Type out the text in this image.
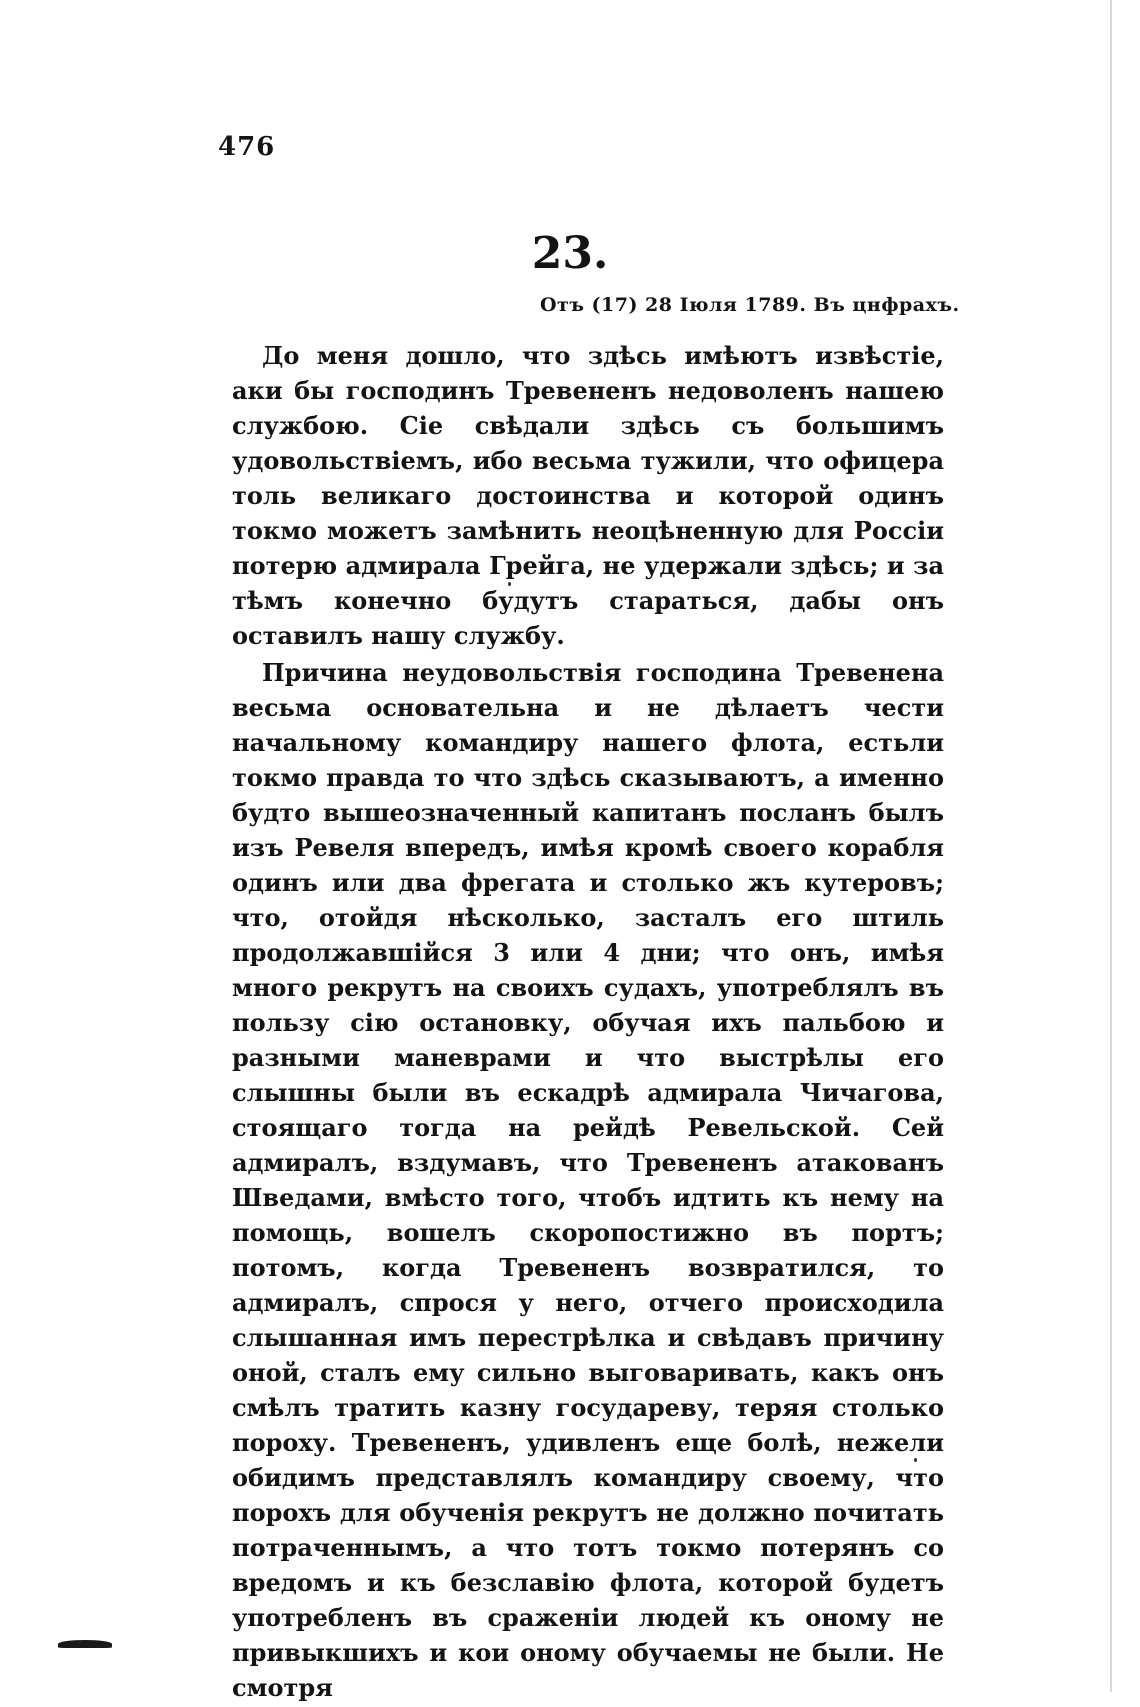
476
23.
Отъ (17) 28 Іюля 1789. Въ цнфрахъ.

До меня дошло, что здѣсь имѣютъ извѣстіе, аки бы господинъ Тревененъ недоволенъ нашею службою. Сіе свѣдали здѣсь съ большимъ удовольствіемъ, ибо весьма тужили, что офицера толь великаго достоинства и которой одинъ токмо можетъ замѣнить неоцѣненную для Россіи потерю адмирала Грейга, не удержали здѣсь; и за тѣмъ конечно будутъ стараться, дабы онъ оставилъ нашу службу.

Причина неудовольствія господина Тревенена весьма основательна и не дѣлаетъ чести начальному командиру нашего флота, естьли токмо правда то что здѣсь сказываютъ, а именно будто вышеозначенный капитанъ посланъ былъ изъ Ревеля впередъ, имѣя кромѣ своего корабля одинъ или два фрегата и столько жъ кутеровъ; что, отойдя нѣсколько, засталъ его штиль продолжавшійся 3 или 4 дни; что онъ, имѣя много рекрутъ на своихъ судахъ, употреблялъ въ пользу сію остановку, обучая ихъ пальбою и разными маневрами и что выстрѣлы его слышны были въ ескадрѣ адмирала Чичагова, стоящаго тогда на рейдѣ Ревельской. Сей адмиралъ, вздумавъ, что Тревененъ атакованъ Шведами, вмѣсто того, чтобъ идтить къ нему на помощь, вошелъ скоропостижно въ портъ; потомъ, когда Тревененъ возвратился, то адмиралъ, спрося у него, отчего происходила слышанная имъ перестрѣлка и свѣдавъ причину оной, сталъ ему сильно выговаривать, какъ онъ смѣлъ тратить казну государеву, теряя столько пороху. Тревененъ, удивленъ еще болѣ, нежели обидимъ представлялъ командиру своему, что порохъ для обученія рекрутъ не должно почитать потраченнымъ, а что тотъ токмо потерянъ со вредомъ и къ безславію флота, которой будетъ употребленъ въ сраженіи людей къ оному не привыкшихъ и кои оному обучаемы не были. Не смотря
